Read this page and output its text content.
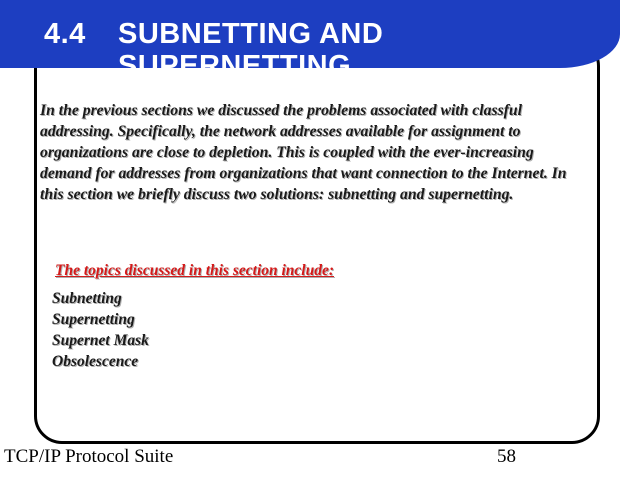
4.4 SUBNETTING AND
SUPERNETTING
In the previous sections we discussed the problems associated with classful addressing. Specifically, the network addresses available for assignment to organizations are close to depletion. This is coupled with the ever-increasing demand for addresses from organizations that want connection to the Internet. In this section we briefly discuss two solutions: subnetting and supernetting.
The topics discussed in this section include:
Subnetting
Supernetting
Supernet Mask
Obsolescence
TCP/IP Protocol Suite	58
